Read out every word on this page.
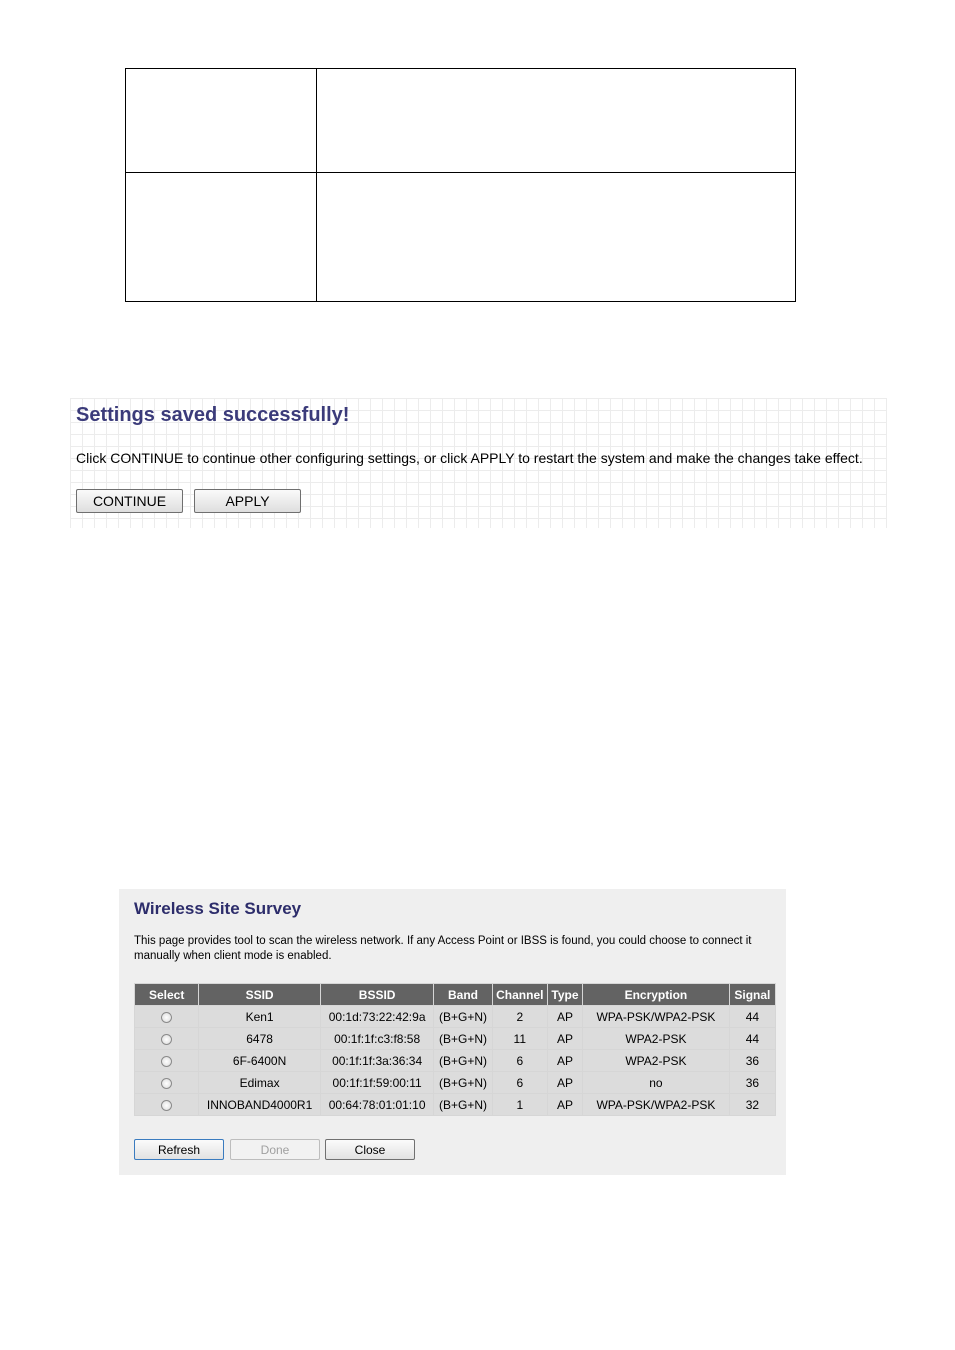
Settings saved successfully!

Click CONTINUE to continue other configuring settings, or click APPLY to restart the system and make the changes take effect.

CONTINUE	APPLY
Wireless Site Survey

This page provides tool to scan the wireless network. If any Access Point or IBSS is found, you could choose to connect it manually when client mode is enabled.

Select	SSID	BSSID	Band	Channel	Type	Encryption	Signal
	Ken1	00:1d:73:22:42:9a	(B+G+N)	2	AP	WPA-PSK/WPA2-PSK	44
	6478	00:1f:1f:c3:f8:58	(B+G+N)	11	AP	WPA2-PSK	44
	6F-6400N	00:1f:1f:3a:36:34	(B+G+N)	6	AP	WPA2-PSK	36
	Edimax	00:1f:1f:59:00:11	(B+G+N)	6	AP	no	36
	INNOBAND4000R1	00:64:78:01:01:10	(B+G+N)	1	AP	WPA-PSK/WPA2-PSK	32
Refresh	Done	Close
